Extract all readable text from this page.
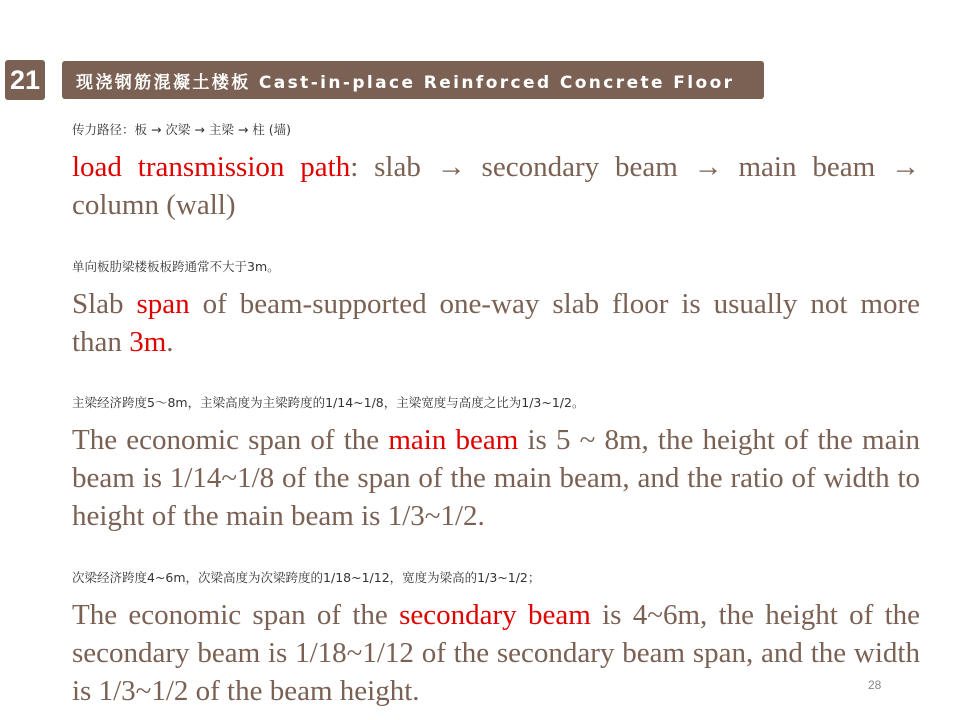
21	现浇钢筋混凝土楼板 Cast-in-place Reinforced Concrete Floor

传力路径：板 → 次梁 → 主梁 → 柱 (墙)

load transmission path: slab → secondary beam → main beam → column (wall)

单向板肋梁楼板板跨通常不大于3m。

Slab span of beam-supported one-way slab floor is usually not more than 3m.

主梁经济跨度5～8m，主梁高度为主梁跨度的1/14~1/8，主梁宽度与高度之比为1/3~1/2。

The economic span of the main beam is 5 ~ 8m, the height of the main beam is 1/14~1/8 of the span of the main beam, and the ratio of width to height of the main beam is 1/3~1/2.

次梁经济跨度4~6m，次梁高度为次梁跨度的1/18~1/12，宽度为梁高的1/3~1/2；

The economic span of the secondary beam is 4~6m, the height of the secondary beam is 1/18~1/12 of the secondary beam span, and the width is 1/3~1/2 of the beam height.	28
